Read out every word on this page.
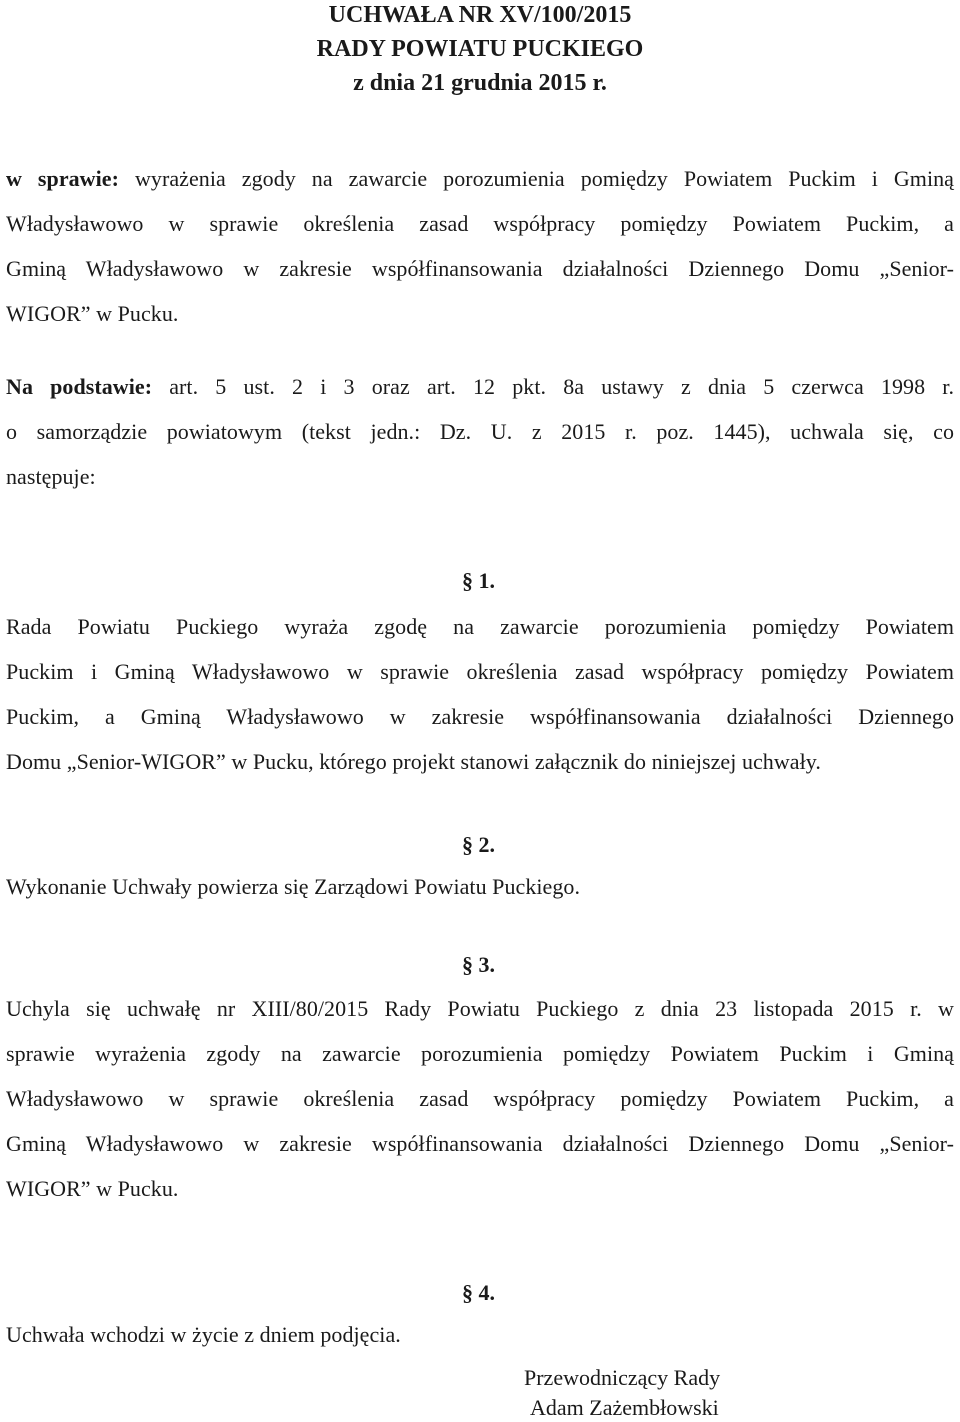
UCHWAŁA NR XV/100/2015
RADY POWIATU PUCKIEGO
z dnia 21 grudnia 2015 r.
w sprawie: wyrażenia zgody na zawarcie porozumienia pomiędzy Powiatem Puckim i Gminą
Władysławowo w sprawie określenia zasad współpracy pomiędzy Powiatem Puckim, a
Gminą Władysławowo w zakresie współfinansowania działalności Dziennego Domu „Senior-
WIGOR” w Pucku.
Na podstawie: art. 5 ust. 2 i 3 oraz art. 12 pkt. 8a ustawy z dnia 5 czerwca 1998 r.
o samorządzie powiatowym (tekst jedn.: Dz. U. z 2015 r. poz. 1445), uchwala się, co
następuje:
§ 1.
Rada Powiatu Puckiego wyraża zgodę na zawarcie porozumienia pomiędzy Powiatem
Puckim i Gminą Władysławowo w sprawie określenia zasad współpracy pomiędzy Powiatem
Puckim, a Gminą Władysławowo w zakresie współfinansowania działalności Dziennego
Domu „Senior-WIGOR” w Pucku, którego projekt stanowi załącznik do niniejszej uchwały.
§ 2.
Wykonanie Uchwały powierza się Zarządowi Powiatu Puckiego.
§ 3.
Uchyla się uchwałę nr XIII/80/2015 Rady Powiatu Puckiego z dnia 23 listopada 2015 r. w
sprawie wyrażenia zgody na zawarcie porozumienia pomiędzy Powiatem Puckim i Gminą
Władysławowo w sprawie określenia zasad współpracy pomiędzy Powiatem Puckim, a
Gminą Władysławowo w zakresie współfinansowania działalności Dziennego Domu „Senior-
WIGOR” w Pucku.
§ 4.
Uchwała wchodzi w życie z dniem podjęcia.
Przewodniczący Rady
Adam Zażembłowski
